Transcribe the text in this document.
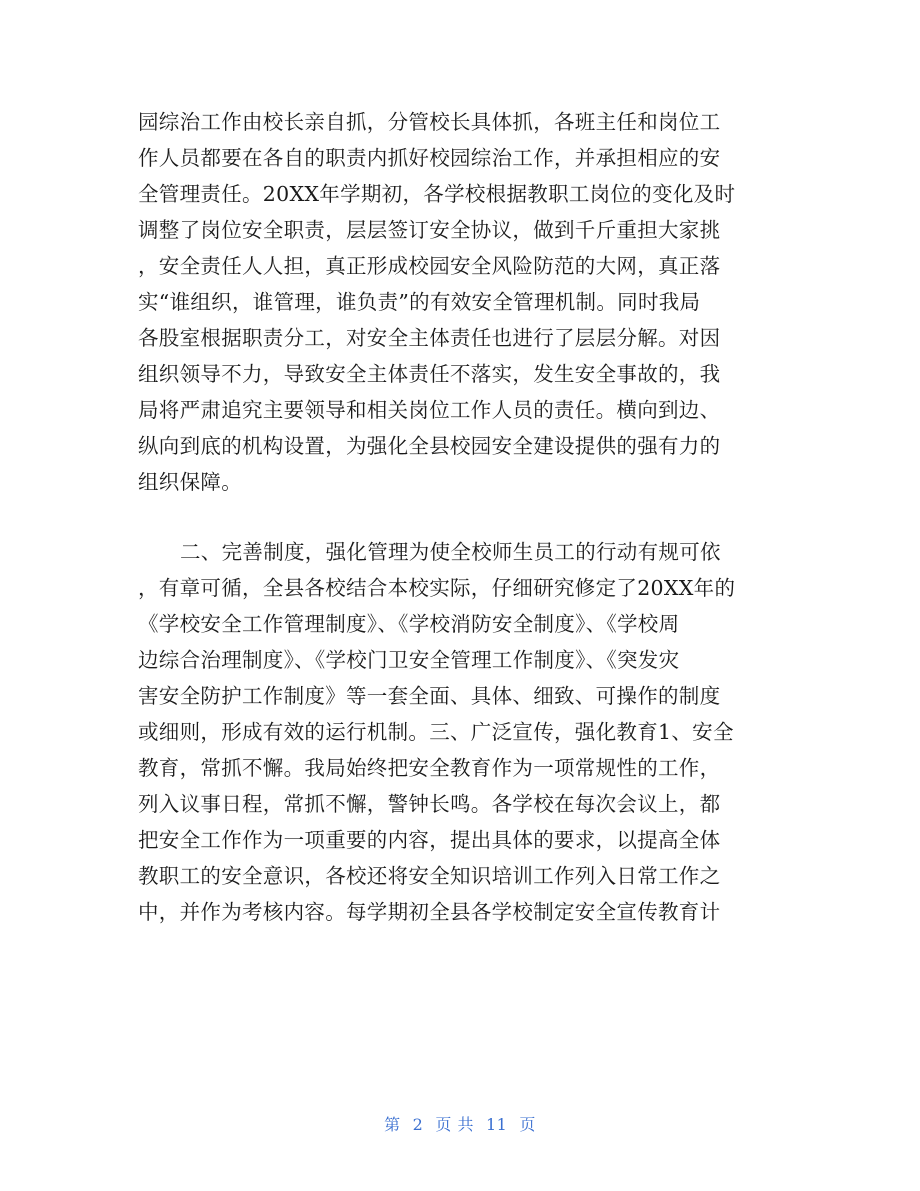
园综治工作由校长亲自抓，分管校长具体抓，各班主任和岗位工
作人员都要在各自的职责内抓好校园综治工作，并承担相应的安
全管理责任。20XX年学期初，各学校根据教职工岗位的变化及时
调整了岗位安全职责，层层签订安全协议，做到千斤重担大家挑
，安全责任人人担，真正形成校园安全风险防范的大网，真正落
实“谁组织，谁管理，谁负责”的有效安全管理机制。同时我局
各股室根据职责分工，对安全主体责任也进行了层层分解。对因
组织领导不力，导致安全主体责任不落实，发生安全事故的，我
局将严肃追究主要领导和相关岗位工作人员的责任。横向到边、
纵向到底的机构设置，为强化全县校园安全建设提供的强有力的
组织保障。
二、完善制度，强化管理为使全校师生员工的行动有规可依
，有章可循，全县各校结合本校实际，仔细研究修定了20XX年的
《学校安全工作管理制度》、《学校消防安全制度》、《学校周
边综合治理制度》、《学校门卫安全管理工作制度》、《突发灾
害安全防护工作制度》等一套全面、具体、细致、可操作的制度
或细则，形成有效的运行机制。三、广泛宣传，强化教育1、安全
教育，常抓不懈。我局始终把安全教育作为一项常规性的工作，
列入议事日程，常抓不懈，警钟长鸣。各学校在每次会议上，都
把安全工作作为一项重要的内容，提出具体的要求，以提高全体
教职工的安全意识，各校还将安全知识培训工作列入日常工作之
中，并作为考核内容。每学期初全县各学校制定安全宣传教育计
第 2 页 共 11 页
